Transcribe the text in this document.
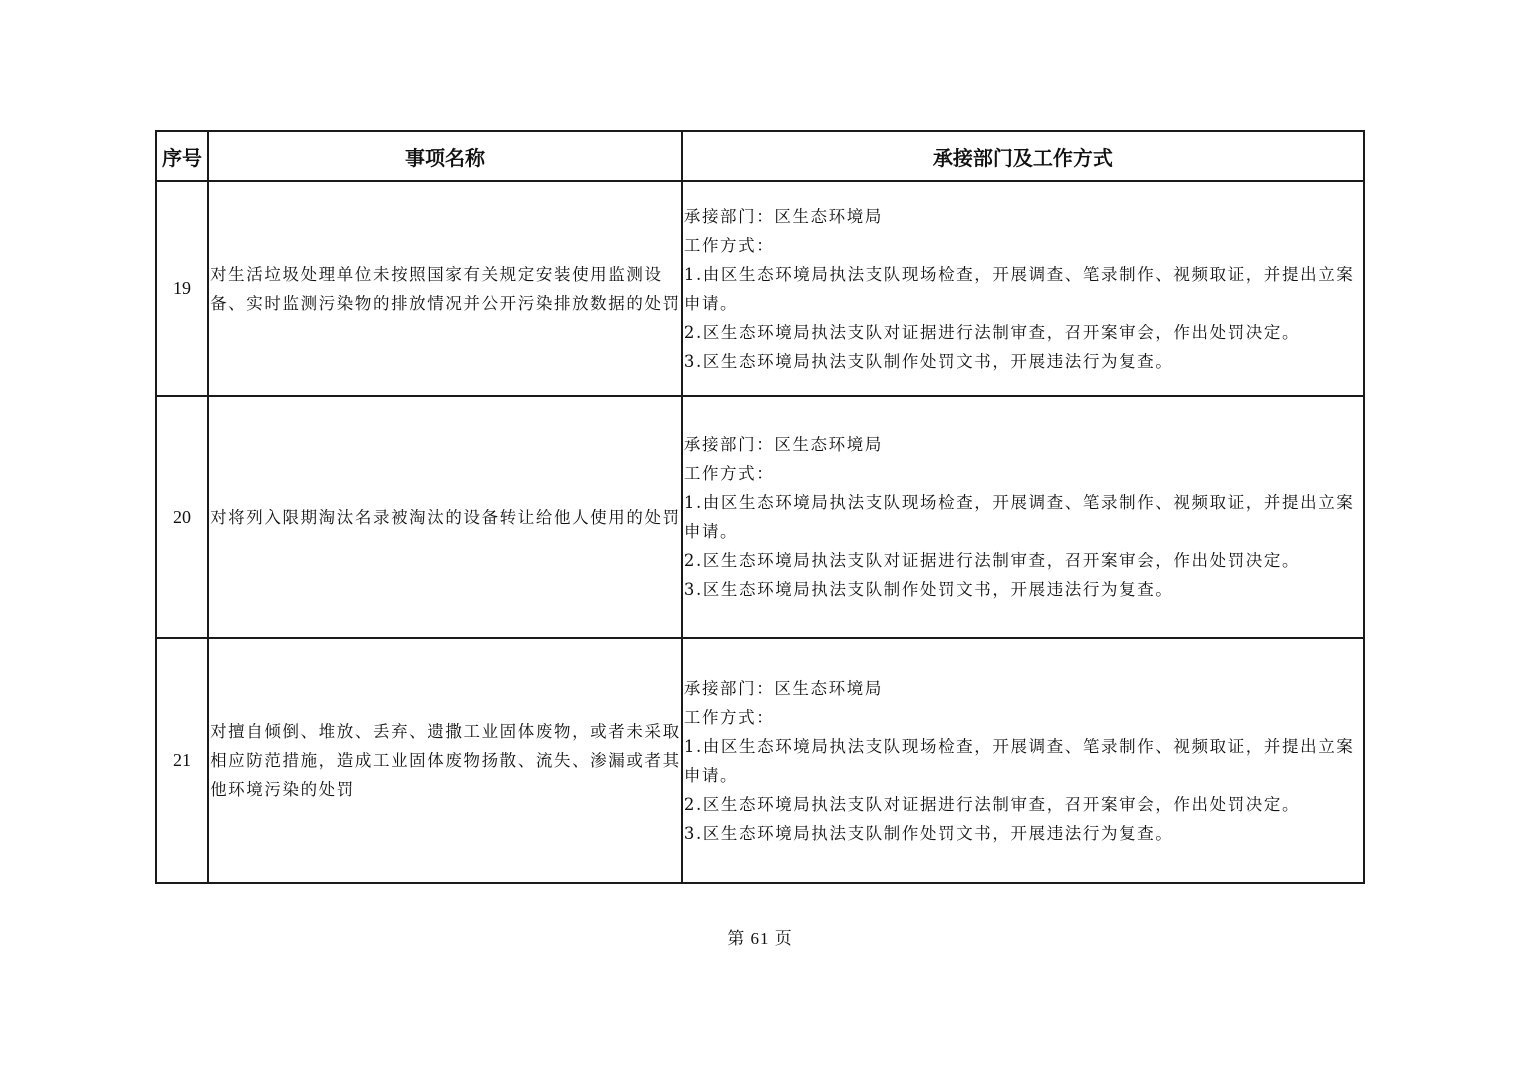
序号	事项名称	承接部门及工作方式
19	对生活垃圾处理单位未按照国家有关规定安装使用监测设备、实时监测污染物的排放情况并公开污染排放数据的处罚	承接部门：区生态环境局
工作方式：
1.由区生态环境局执法支队现场检查，开展调查、笔录制作、视频取证，并提出立案申请。
2.区生态环境局执法支队对证据进行法制审查，召开案审会，作出处罚决定。
3.区生态环境局执法支队制作处罚文书，开展违法行为复查。

20	对将列入限期淘汰名录被淘汰的设备转让给他人使用的处罚	承接部门：区生态环境局
工作方式：
1.由区生态环境局执法支队现场检查，开展调查、笔录制作、视频取证，并提出立案申请。
2.区生态环境局执法支队对证据进行法制审查，召开案审会，作出处罚决定。
3.区生态环境局执法支队制作处罚文书，开展违法行为复查。

21	对擅自倾倒、堆放、丢弃、遗撒工业固体废物，或者未采取相应防范措施，造成工业固体废物扬散、流失、渗漏或者其他环境污染的处罚	承接部门：区生态环境局
工作方式：
1.由区生态环境局执法支队现场检查，开展调查、笔录制作、视频取证，并提出立案申请。
2.区生态环境局执法支队对证据进行法制审查，召开案审会，作出处罚决定。
3.区生态环境局执法支队制作处罚文书，开展违法行为复查。
第 61 页
